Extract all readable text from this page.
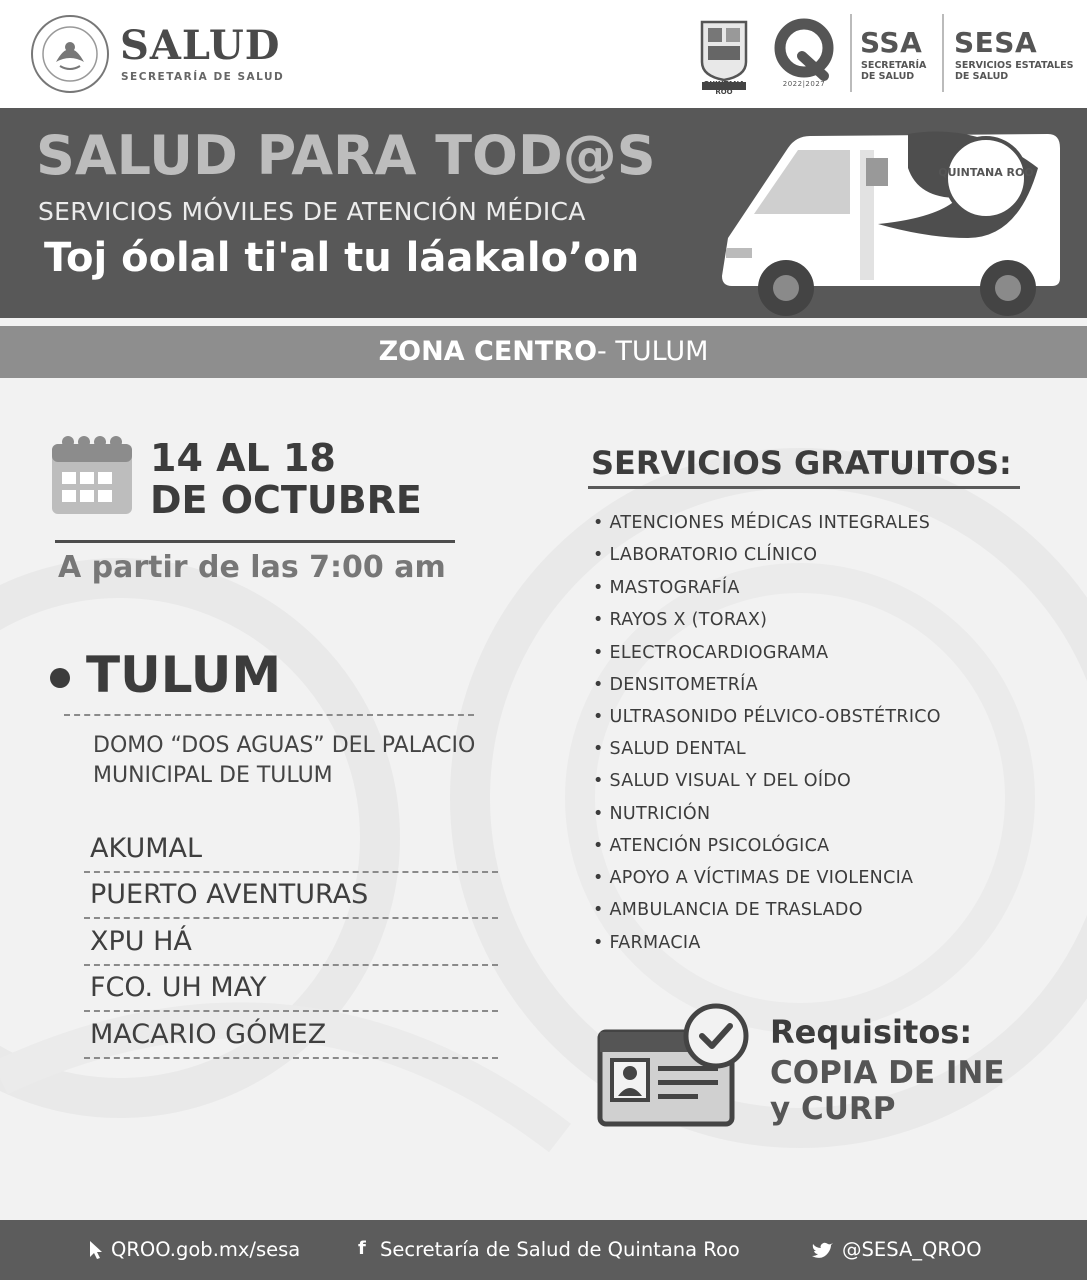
SALUD
SECRETARÍA DE SALUD
QUINTANA ROO
2022|2027
SSA
SECRETARÍA
DE SALUD
SESA
SERVICIOS ESTATALES
DE SALUD
SALUD PARA TOD@S
SERVICIOS MÓVILES DE ATENCIÓN MÉDICA
Toj óolal ti'al tu láakalo’on
QUINTANA ROO
ZONA CENTRO- TULUM
14 AL 18
DE OCTUBRE
A partir de las 7:00 am
TULUM
DOMO “DOS AGUAS” DEL PALACIO
MUNICIPAL DE TULUM
AKUMAL
PUERTO AVENTURAS
XPU HÁ
FCO. UH MAY
MACARIO GÓMEZ
SERVICIOS GRATUITOS:
• ATENCIONES MÉDICAS INTEGRALES
• LABORATORIO CLÍNICO
• MASTOGRAFÍA
• RAYOS X (TORAX)
• ELECTROCARDIOGRAMA
• DENSITOMETRÍA
• ULTRASONIDO PÉLVICO-OBSTÉTRICO
• SALUD DENTAL
• SALUD VISUAL Y DEL OÍDO
• NUTRICIÓN
• ATENCIÓN PSICOLÓGICA
• APOYO A VÍCTIMAS DE VIOLENCIA
• AMBULANCIA DE TRASLADO
• FARMACIA
Requisitos:
COPIA DE INE
y CURP
QROO.gob.mx/sesa	f Secretaría de Salud de Quintana Roo	@SESA_QROO
